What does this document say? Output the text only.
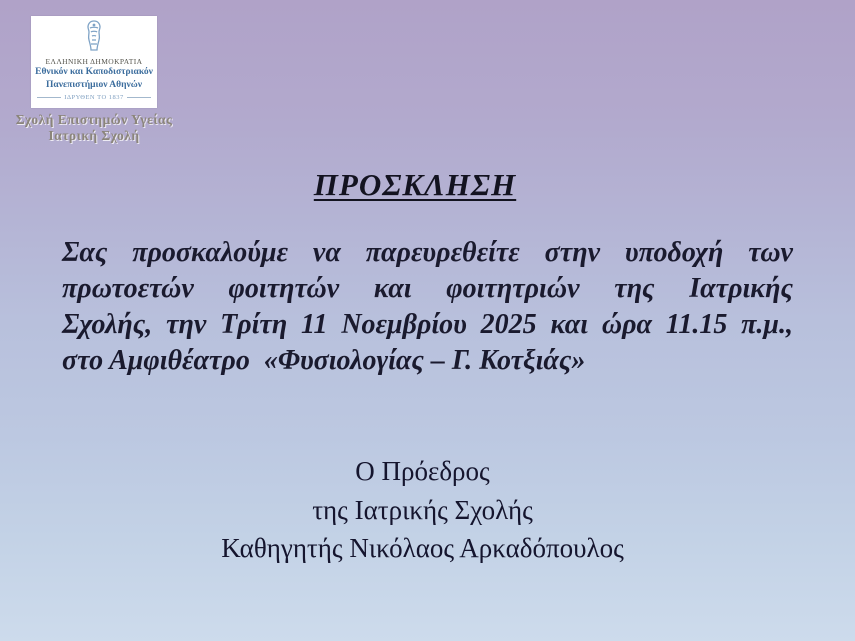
ΕΛΛΗΝΙΚΗ ΔΗΜΟΚΡΑΤΙΑ
Εθνικόν και Καποδιστριακόν
Πανεπιστήμιον Αθηνών
ΙΔΡΥΘΕΝ ΤΟ 1837
Σχολή Επιστημών Υγείας
Ιατρική Σχολή
ΠΡΟΣΚΛΗΣΗ
Σας προσκαλούμε να παρευρεθείτε στην υποδοχή των
πρωτοετών φοιτητών και φοιτητριών της Ιατρικής
Σχολής, την Τρίτη 11 Νοεμβρίου 2025 και ώρα 11.15 π.μ.,
στο Αμφιθέατρο  «Φυσιολογίας – Γ. Κοτξιάς»
Ο Πρόεδρος
της Ιατρικής Σχολής
Καθηγητής Νικόλαος Αρκαδόπουλος
